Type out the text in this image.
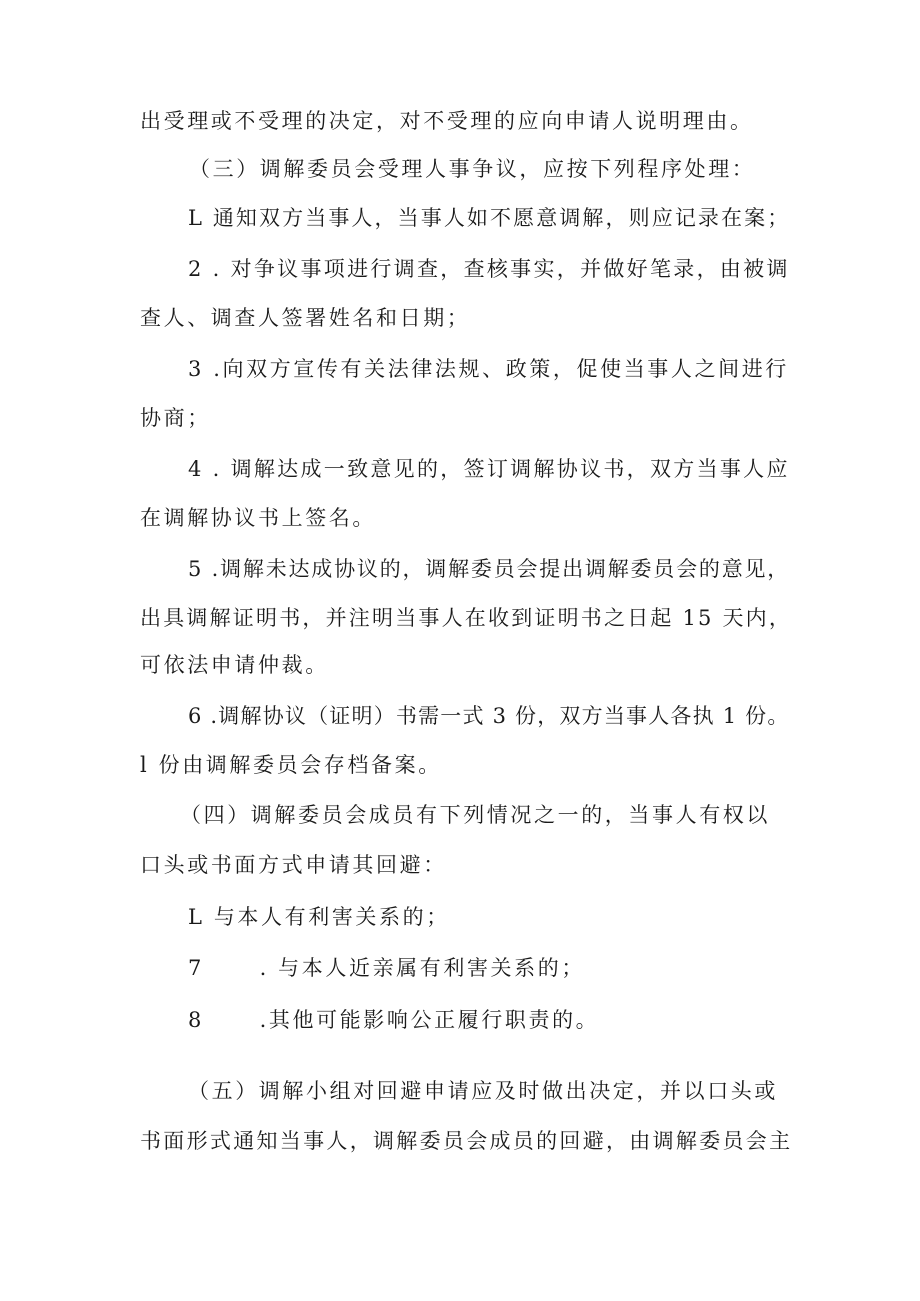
出受理或不受理的决定，对不受理的应向申请人说明理由。
（三）调解委员会受理人事争议，应按下列程序处理：
L 通知双方当事人，当事人如不愿意调解，则应记录在案；
2 . 对争议事项进行调查，查核事实，并做好笔录，由被调
查人、调查人签署姓名和日期；
3 .向双方宣传有关法律法规、政策，促使当事人之间进行
协商；
4 . 调解达成一致意见的，签订调解协议书，双方当事人应
在调解协议书上签名。
5 .调解未达成协议的，调解委员会提出调解委员会的意见，
出具调解证明书，并注明当事人在收到证明书之日起 15 天内，
可依法申请仲裁。
6 .调解协议（证明）书需一式 3 份，双方当事人各执 1 份。
l 份由调解委员会存档备案。
（四）调解委员会成员有下列情况之一的，当事人有权以
口头或书面方式申请其回避：
L 与本人有利害关系的；
7      . 与本人近亲属有利害关系的；
8      .其他可能影响公正履行职责的。
（五）调解小组对回避申请应及时做出决定，并以口头或
书面形式通知当事人，调解委员会成员的回避，由调解委员会主
